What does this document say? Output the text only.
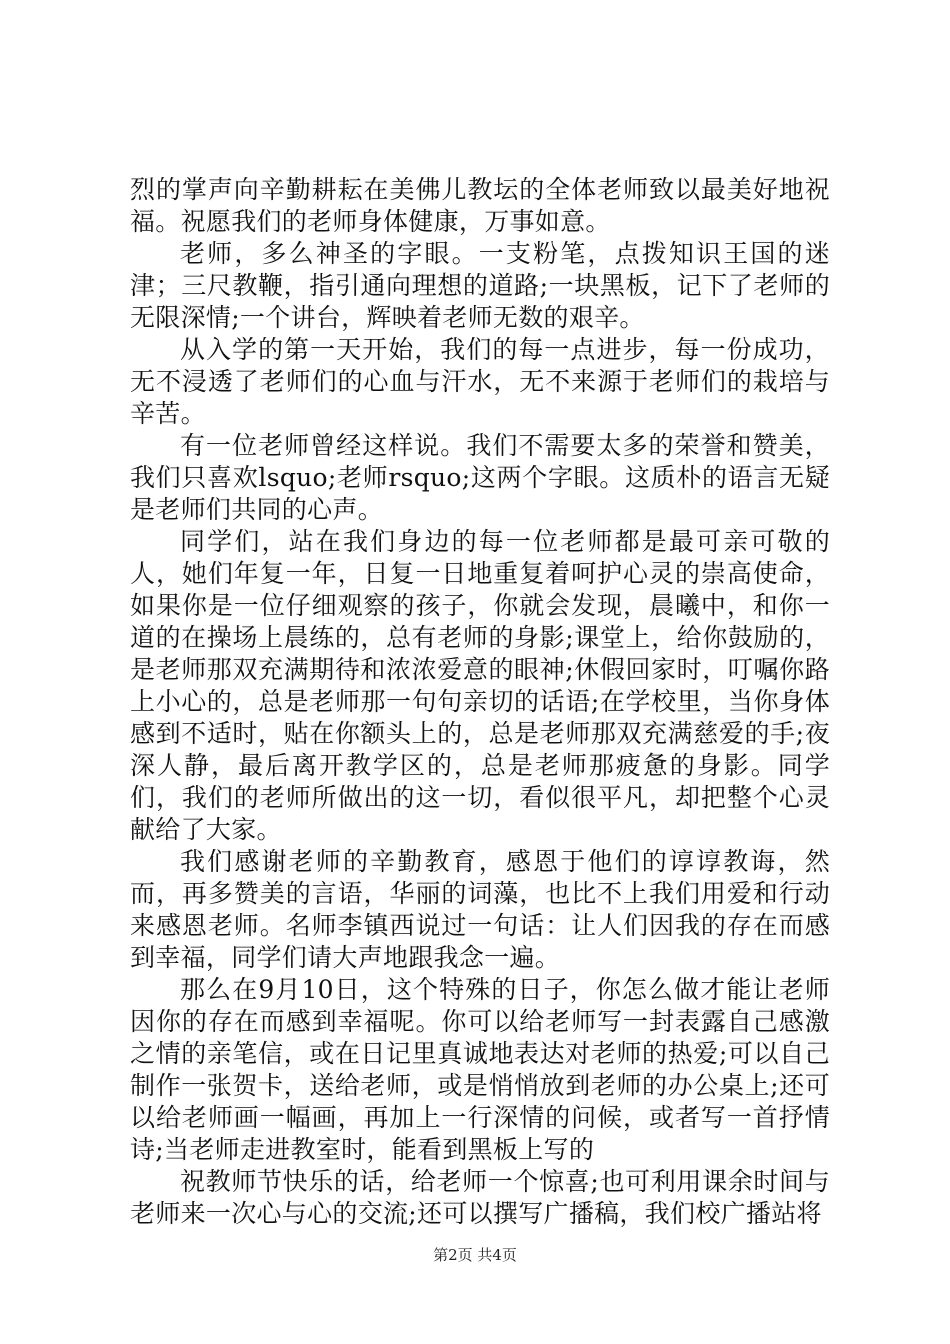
烈的掌声向辛勤耕耘在美佛儿教坛的全体老师致以最美好地祝福。祝愿我们的老师身体健康，万事如意。

老师，多么神圣的字眼。一支粉笔，点拨知识王国的迷津；三尺教鞭，指引通向理想的道路;一块黑板，记下了老师的无限深情;一个讲台，辉映着老师无数的艰辛。

从入学的第一天开始，我们的每一点进步，每一份成功，无不浸透了老师们的心血与汗水，无不来源于老师们的栽培与辛苦。

有一位老师曾经这样说。我们不需要太多的荣誉和赞美，我们只喜欢lsquo;老师rsquo;这两个字眼。这质朴的语言无疑是老师们共同的心声。

同学们，站在我们身边的每一位老师都是最可亲可敬的人，她们年复一年，日复一日地重复着呵护心灵的崇高使命，如果你是一位仔细观察的孩子，你就会发现，晨曦中，和你一道的在操场上晨练的，总有老师的身影;课堂上，给你鼓励的，是老师那双充满期待和浓浓爱意的眼神;休假回家时，叮嘱你路上小心的，总是老师那一句句亲切的话语;在学校里，当你身体感到不适时，贴在你额头上的，总是老师那双充满慈爱的手;夜深人静，最后离开教学区的，总是老师那疲惫的身影。同学们，我们的老师所做出的这一切，看似很平凡，却把整个心灵献给了大家。

我们感谢老师的辛勤教育，感恩于他们的谆谆教诲，然而，再多赞美的言语，华丽的词藻，也比不上我们用爱和行动来感恩老师。名师李镇西说过一句话：让人们因我的存在而感到幸福，同学们请大声地跟我念一遍。

那么在9月10日，这个特殊的日子，你怎么做才能让老师因你的存在而感到幸福呢。你可以给老师写一封表露自己感激之情的亲笔信，或在日记里真诚地表达对老师的热爱;可以自己制作一张贺卡，送给老师，或是悄悄放到老师的办公桌上;还可以给老师画一幅画，再加上一行深情的问候，或者写一首抒情诗;当老师走进教室时，能看到黑板上写的

祝教师节快乐的话，给老师一个惊喜;也可利用课余时间与老师来一次心与心的交流;还可以撰写广播稿，我们校广播站将

第2页 共4页
